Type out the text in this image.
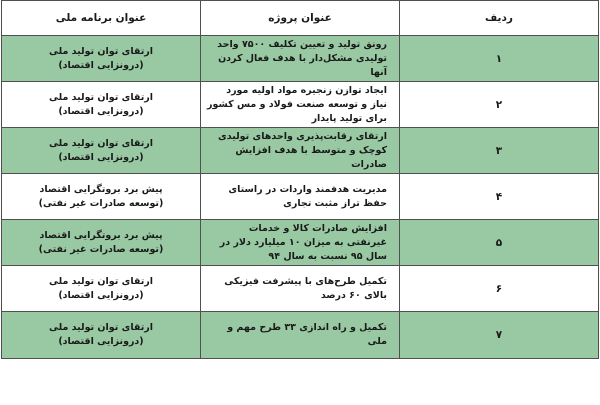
ردیف	عنوان پروژه	عنوان برنامه ملی
۱	رونق تولید و تعیین تکلیف ۷۵۰۰ واحد تولیدی مشکل‌دار با هدف فعال کردن آنها	ارتقای توان تولید ملی
(درونزایی اقتصاد)

۲	ایجاد توازن زنجیره مواد اولیه مورد نیاز و توسعه صنعت فولاد و مس کشور برای تولید پایدار	ارتقای توان تولید ملی
(درونزایی اقتصاد)

۳	ارتقای رقابت‌پذیری واحدهای تولیدی کوچک و متوسط با هدف افزایش صادرات	ارتقای توان تولید ملی
(درونزایی اقتصاد)

۴	مدیریت هدفمند واردات در راستای حفظ تراز مثبت تجاری	پیش برد بروتگرایی اقتصاد
(توسعه صادرات غیر نفتی)

۵	افزایش صادرات کالا و خدمات غیرنفتی به میزان ۱۰ میلیارد دلار در سال ۹۵ نسبت به سال ۹۴	پیش برد بروتگرایی اقتصاد
(توسعه صادرات غیر نفتی)

۶	تکمیل طرح‌های با پیشرفت فیزیکی بالای ۶۰ درصد	ارتقای توان تولید ملی
(درونزایی اقتصاد)

۷	تکمیل و راه اندازی ۳۳ طرح مهم و ملی	ارتقای توان تولید ملی
(درونزایی اقتصاد)
